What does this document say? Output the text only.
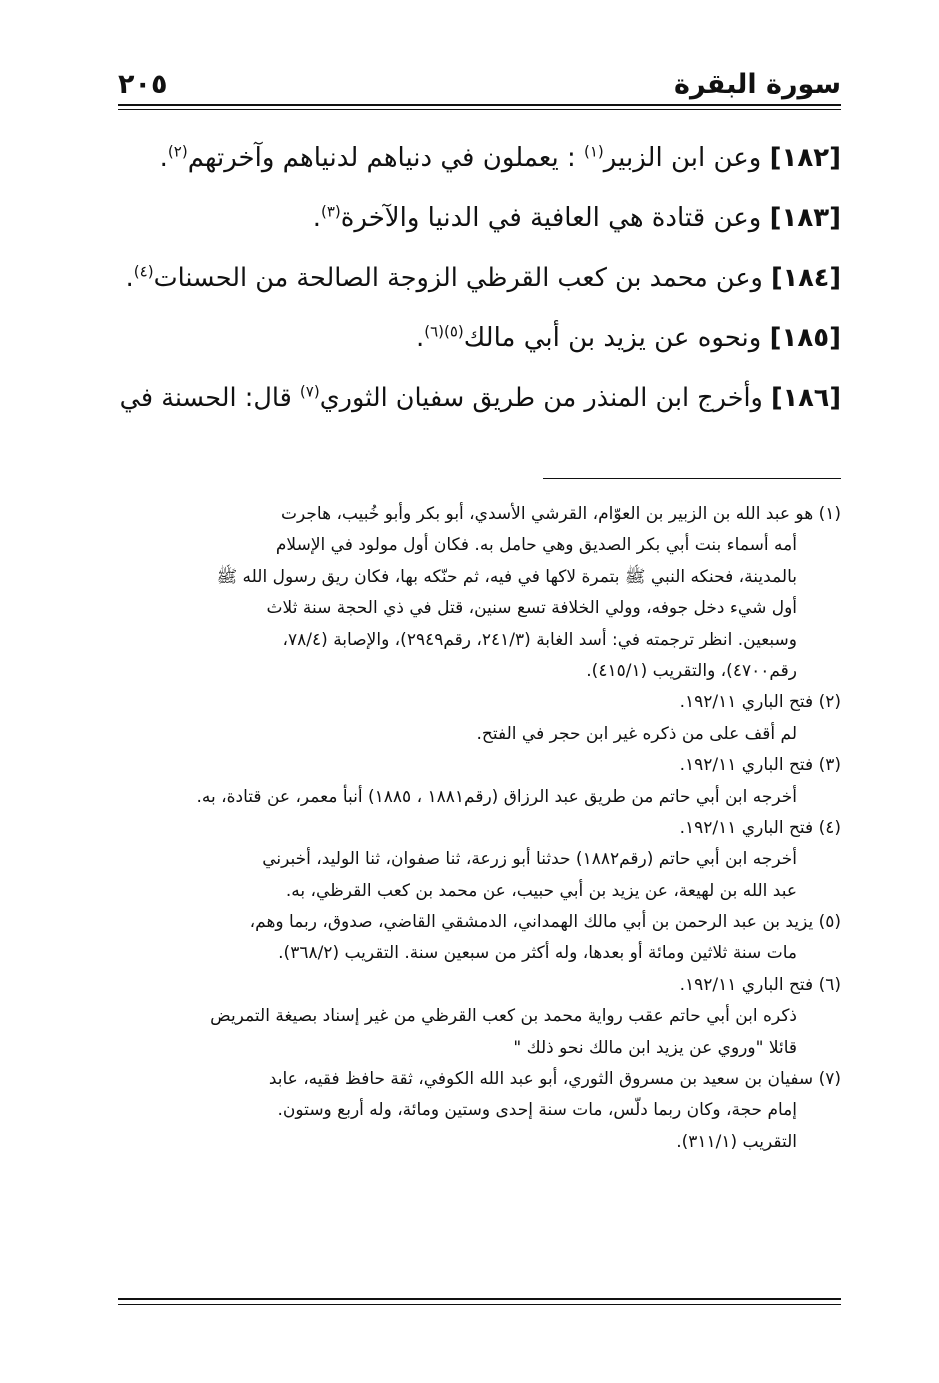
سورة البقرة
٢٠٥
[١٨٢] وعن ابن الزبير$^{(١)}$ : يعملون في دنياهم لدنياهم وآخرتهم$^{(٢)}$.
[١٨٣] وعن قتادة هي العافية في الدنيا والآخرة$^{(٣)}$.
[١٨٤] وعن محمد بن كعب القرظي الزوجة الصالحة من الحسنات$^{(٤)}$.
[١٨٥] ونحوه عن يزيد بن أبي مالك$^{(٥)(٦)}$.
[١٨٦] وأخرج ابن المنذر من طريق سفيان الثوري$^{(٧)}$ قال: الحسنة في
(١) هو عبد الله بن الزبير بن العوّام، القرشي الأسدي، أبو بكر وأبو خُبيب، هاجرت
أمه أسماء بنت أبي بكر الصديق وهي حامل به. فكان أول مولود في الإسلام
بالمدينة، فحنكه النبي ﷺ بتمرة لاكها في فيه، ثم حنّكه بها، فكان ريق رسول الله ﷺ
أول شيء دخل جوفه، وولي الخلافة تسع سنين، قتل في ذي الحجة سنة ثلاث
وسبعين. انظر ترجمته في: أسد الغابة (٢٤١/٣، رقم٢٩٤٩)، والإصابة (٧٨/٤،
رقم٤٧٠٠)، والتقريب (٤١٥/١).
(٢) فتح الباري ١٩٢/١١.
لم أقف على من ذكره غير ابن حجر في الفتح.
(٣) فتح الباري ١٩٢/١١.
أخرجه ابن أبي حاتم من طريق عبد الرزاق (رقم١٨٨١ ، ١٨٨٥) أنبأ معمر، عن قتادة، به.
(٤) فتح الباري ١٩٢/١١.
أخرجه ابن أبي حاتم (رقم١٨٨٢) حدثنا أبو زرعة، ثنا صفوان، ثنا الوليد، أخبرني
عبد الله بن لهيعة، عن يزيد بن أبي حبيب، عن محمد بن كعب القرظي، به.
(٥) يزيد بن عبد الرحمن بن أبي مالك الهمداني، الدمشقي القاضي، صدوق، ربما وهم،
مات سنة ثلاثين ومائة أو بعدها، وله أكثر من سبعين سنة. التقريب (٣٦٨/٢).
(٦) فتح الباري ١٩٢/١١.
ذكره ابن أبي حاتم عقب رواية محمد بن كعب القرظي من غير إسناد بصيغة التمريض
قائلا "وروي عن يزيد ابن مالك نحو ذلك "
(٧) سفيان بن سعيد بن مسروق الثوري، أبو عبد الله الكوفي، ثقة حافظ فقيه، عابد
إمام حجة، وكان ربما دلّس، مات سنة إحدى وستين ومائة، وله أربع وستون.
التقريب (٣١١/١).
